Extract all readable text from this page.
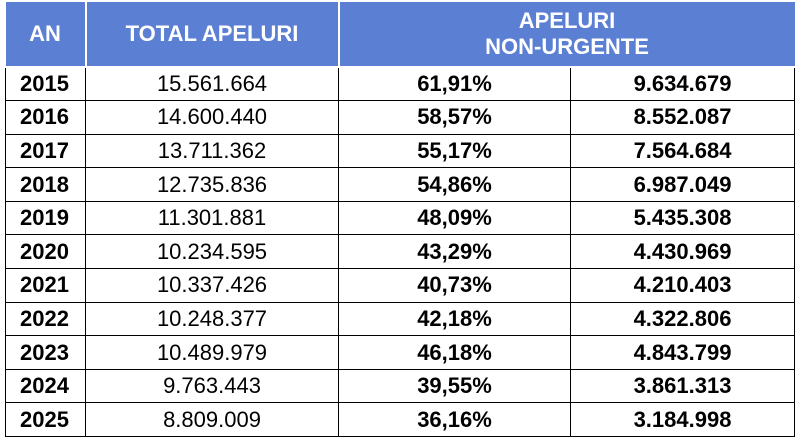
AN	TOTAL APELURI	APELURI
NON-URGENTE	

2015	15.561.664	61,91%	9.634.679
2016	14.600.440	58,57%	8.552.087
2017	13.711.362	55,17%	7.564.684
2018	12.735.836	54,86%	6.987.049
2019	11.301.881	48,09%	5.435.308
2020	10.234.595	43,29%	4.430.969
2021	10.337.426	40,73%	4.210.403
2022	10.248.377	42,18%	4.322.806
2023	10.489.979	46,18%	4.843.799
2024	9.763.443	39,55%	3.861.313
2025	8.809.009	36,16%	3.184.998
